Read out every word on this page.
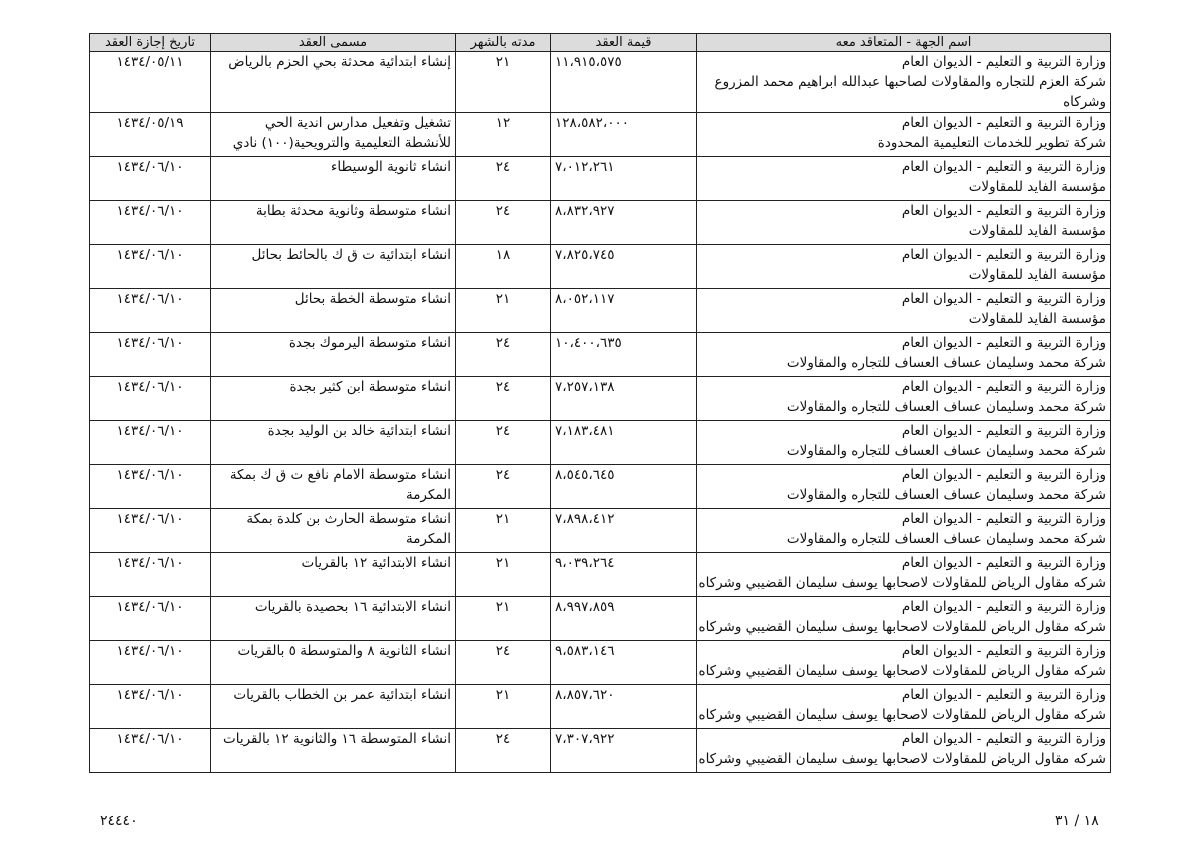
اسم الجهة - المتعاقد معه	قيمة العقد	مدته بالشهر	مسمى العقد	تاريخ إجازة العقد

وزارة التربية و التعليم - الديوان العام
شركة العزم للتجاره والمقاولات لصاحبها عبدالله ابراهيم محمد المزروع
وشركاه	١١،٩١٥،٥٧٥	٢١	إنشاء ابتدائية محدثة بحي الحزم بالرياض	١٤٣٤/٠٥/١١

وزارة التربية و التعليم - الديوان العام
شركة تطوير للخدمات التعليمية المحدودة	١٢٨،٥٨٢،٠٠٠	١٢	تشغيل وتفعيل مدارس اندية الحي للأنشطة التعليمية والترويحية(١٠٠) نادي	١٤٣٤/٠٥/١٩

وزارة التربية و التعليم - الديوان العام
مؤسسة الفايد للمقاولات	٧،٠١٢،٢٦١	٢٤	انشاء ثانوية الوسيطاء	١٤٣٤/٠٦/١٠

وزارة التربية و التعليم - الديوان العام
مؤسسة الفايد للمقاولات	٨،٨٣٢،٩٢٧	٢٤	انشاء متوسطة وثانوية محدثة بطابة	١٤٣٤/٠٦/١٠

وزارة التربية و التعليم - الديوان العام
مؤسسة الفايد للمقاولات	٧،٨٢٥،٧٤٥	١٨	انشاء ابتدائية ت ق ك بالحائط بحائل	١٤٣٤/٠٦/١٠

وزارة التربية و التعليم - الديوان العام
مؤسسة الفايد للمقاولات	٨،٠٥٢،١١٧	٢١	انشاء متوسطة الخطة بحائل	١٤٣٤/٠٦/١٠

وزارة التربية و التعليم - الديوان العام
شركة محمد وسليمان عساف العساف للتجاره والمقاولات	١٠،٤٠٠،٦٣٥	٢٤	انشاء متوسطة اليرموك بجدة	١٤٣٤/٠٦/١٠

وزارة التربية و التعليم - الديوان العام
شركة محمد وسليمان عساف العساف للتجاره والمقاولات	٧،٢٥٧،١٣٨	٢٤	انشاء متوسطة ابن كثير بجدة	١٤٣٤/٠٦/١٠

وزارة التربية و التعليم - الديوان العام
شركة محمد وسليمان عساف العساف للتجاره والمقاولات	٧،١٨٣،٤٨١	٢٤	انشاء ابتدائية خالد بن الوليد بجدة	١٤٣٤/٠٦/١٠

وزارة التربية و التعليم - الديوان العام
شركة محمد وسليمان عساف العساف للتجاره والمقاولات	٨،٥٤٥،٦٤٥	٢٤	انشاء متوسطة الامام نافع ت ق ك بمكة المكرمة	١٤٣٤/٠٦/١٠

وزارة التربية و التعليم - الديوان العام
شركة محمد وسليمان عساف العساف للتجاره والمقاولات	٧،٨٩٨،٤١٢	٢١	انشاء متوسطة الحارث بن كلدة بمكة المكرمة	١٤٣٤/٠٦/١٠

وزارة التربية و التعليم - الديوان العام
شركه مقاول الرياض للمقاولات لاصحابها يوسف سليمان القضيبي وشركاه	٩،٠٣٩،٢٦٤	٢١	انشاء الابتدائية ١٢ بالقريات	١٤٣٤/٠٦/١٠

وزارة التربية و التعليم - الديوان العام
شركه مقاول الرياض للمقاولات لاصحابها يوسف سليمان القضيبي وشركاه	٨،٩٩٧،٨٥٩	٢١	انشاء الابتدائية ١٦ بحصيدة بالقريات	١٤٣٤/٠٦/١٠

وزارة التربية و التعليم - الديوان العام
شركه مقاول الرياض للمقاولات لاصحابها يوسف سليمان القضيبي وشركاه	٩،٥٨٣،١٤٦	٢٤	انشاء الثانوية ٨ والمتوسطة ٥ بالقريات	١٤٣٤/٠٦/١٠

وزارة التربية و التعليم - الديوان العام
شركه مقاول الرياض للمقاولات لاصحابها يوسف سليمان القضيبي وشركاه	٨،٨٥٧،٦٢٠	٢١	انشاء ابتدائية عمر بن الخطاب بالقريات	١٤٣٤/٠٦/١٠

وزارة التربية و التعليم - الديوان العام
شركه مقاول الرياض للمقاولات لاصحابها يوسف سليمان القضيبي وشركاه	٧،٣٠٧،٩٢٢	٢٤	انشاء المتوسطة ١٦ والثانوية ١٢ بالقريات	١٤٣٤/٠٦/١٠
١٨ / ٣١
٢٤٤٤٠
